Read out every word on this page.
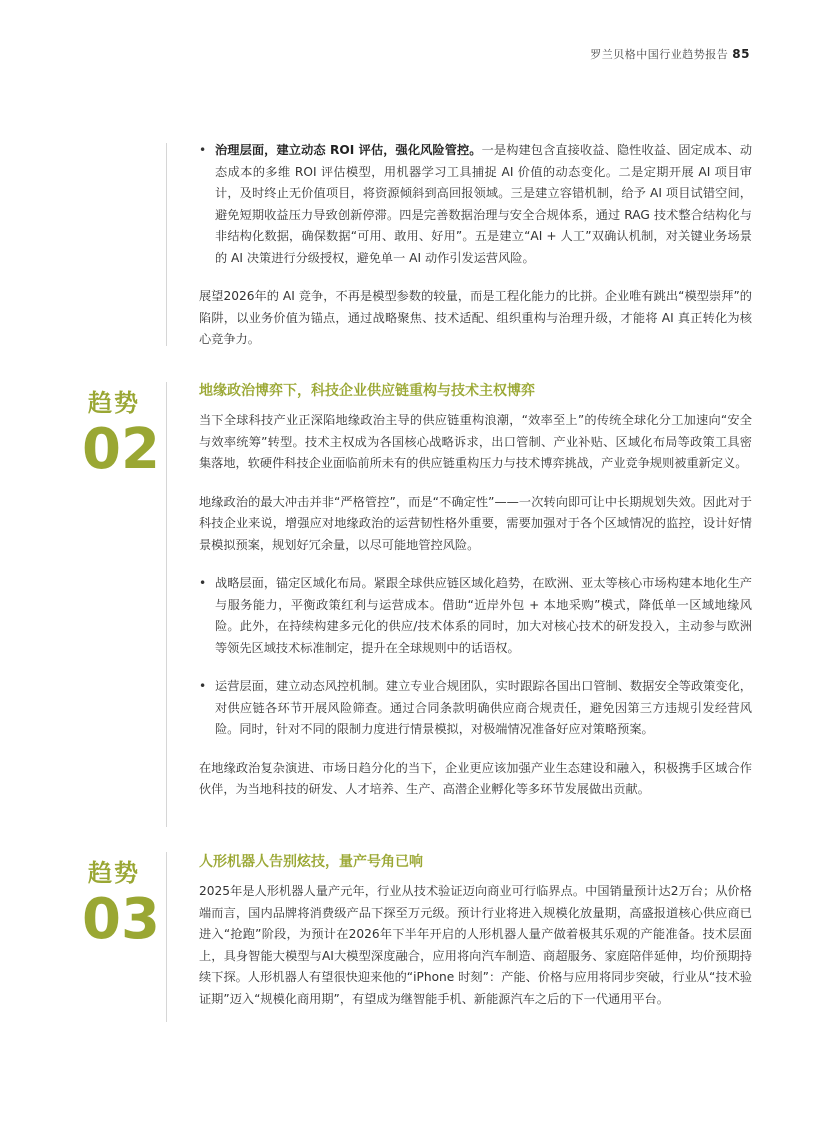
罗兰贝格中国行业趋势报告 85
• 治理层面，建立动态 ROI 评估，强化风险管控。一是构建包含直接收益、隐性收益、固定成本、动态成本的多维 ROI 评估模型，用机器学习工具捕捉 AI 价值的动态变化。二是定期开展 AI 项目审计，及时终止无价值项目，将资源倾斜到高回报领域。三是建立容错机制，给予 AI 项目试错空间，避免短期收益压力导致创新停滞。四是完善数据治理与安全合规体系，通过 RAG 技术整合结构化与非结构化数据，确保数据“可用、敢用、好用”。五是建立“AI + 人工”双确认机制，对关键业务场景的 AI 决策进行分级授权，避免单一 AI 动作引发运营风险。

展望2026年的 AI 竞争，不再是模型参数的较量，而是工程化能力的比拼。企业唯有跳出“模型崇拜”的陷阱，以业务价值为锚点，通过战略聚焦、技术适配、组织重构与治理升级，才能将 AI 真正转化为核心竞争力。

趋势
02
地缘政治博弈下，科技企业供应链重构与技术主权博弈

当下全球科技产业正深陷地缘政治主导的供应链重构浪潮，“效率至上”的传统全球化分工加速向“安全与效率统筹”转型。技术主权成为各国核心战略诉求，出口管制、产业补贴、区域化布局等政策工具密集落地，软硬件科技企业面临前所未有的供应链重构压力与技术博弈挑战，产业竞争规则被重新定义。

地缘政治的最大冲击并非“严格管控”，而是“不确定性”——一次转向即可让中长期规划失效。因此对于科技企业来说，增强应对地缘政治的运营韧性格外重要，需要加强对于各个区域情况的监控，设计好情景模拟预案，规划好冗余量，以尽可能地管控风险。

• 战略层面，锚定区域化布局。紧跟全球供应链区域化趋势，在欧洲、亚太等核心市场构建本地化生产与服务能力，平衡政策红利与运营成本。借助“近岸外包 + 本地采购”模式，降低单一区域地缘风险。此外，在持续构建多元化的供应/技术体系的同时，加大对核心技术的研发投入，主动参与欧洲等领先区域技术标准制定，提升在全球规则中的话语权。

• 运营层面，建立动态风控机制。建立专业合规团队，实时跟踪各国出口管制、数据安全等政策变化，对供应链各环节开展风险筛查。通过合同条款明确供应商合规责任，避免因第三方违规引发经营风险。同时，针对不同的限制力度进行情景模拟，对极端情况准备好应对策略预案。

在地缘政治复杂演进、市场日趋分化的当下，企业更应该加强产业生态建设和融入，积极携手区域合作伙伴，为当地科技的研发、人才培养、生产、高潜企业孵化等多环节发展做出贡献。

趋势
03
人形机器人告别炫技，量产号角已响

2025年是人形机器人量产元年，行业从技术验证迈向商业可行临界点。中国销量预计达2万台；从价格端而言，国内品牌将消费级产品下探至万元级。预计行业将进入规模化放量期，高盛报道核心供应商已进入“抢跑”阶段，为预计在2026年下半年开启的人形机器人量产做着极其乐观的产能准备。技术层面上，具身智能大模型与AI大模型深度融合，应用将向汽车制造、商超服务、家庭陪伴延伸，均价预期持续下探。人形机器人有望很快迎来他的“iPhone 时刻”：产能、价格与应用将同步突破，行业从“技术验证期”迈入“规模化商用期”，有望成为继智能手机、新能源汽车之后的下一代通用平台。
